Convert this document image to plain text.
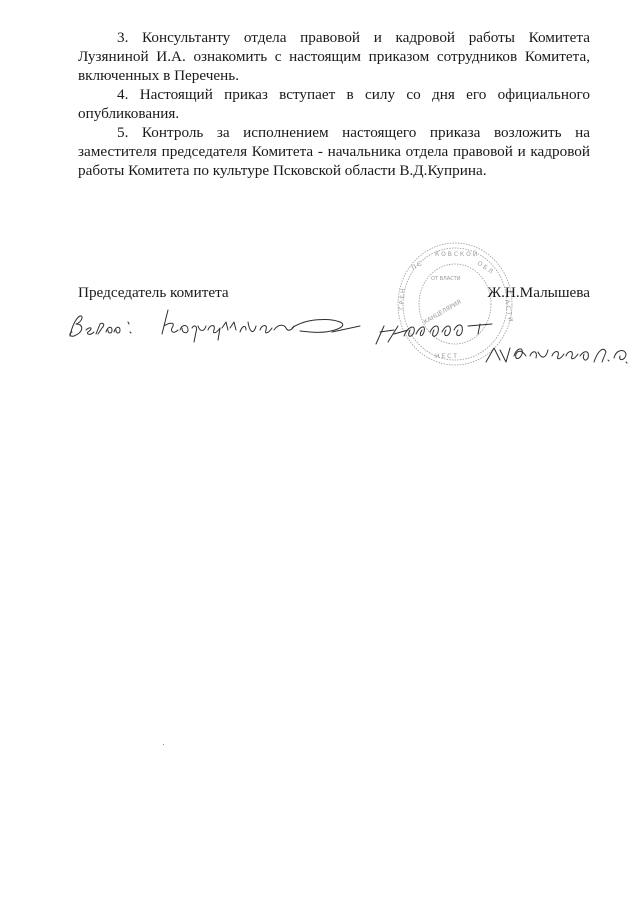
3. Консультанту отдела правовой и кадровой работы Комитета Лузяниной И.А. ознакомить с настоящим приказом сотрудников Комитета, включенных в Перечень.

4. Настоящий приказ вступает в силу со дня его официального опубликования.

5. Контроль за исполнением настоящего приказа возложить на заместителя председателя Комитета - начальника отдела правовой и кадровой работы Комитета по культуре Псковской области В.Д.Куприна.

К О В С К О Й
П С	О Б Л
Г Р Е Н	А С Т И
Н Е С Т
ОТ ВЛАСТИ
КАНЦЕЛЯРИЯ
Председатель комитета	Ж.Н.Малышева
